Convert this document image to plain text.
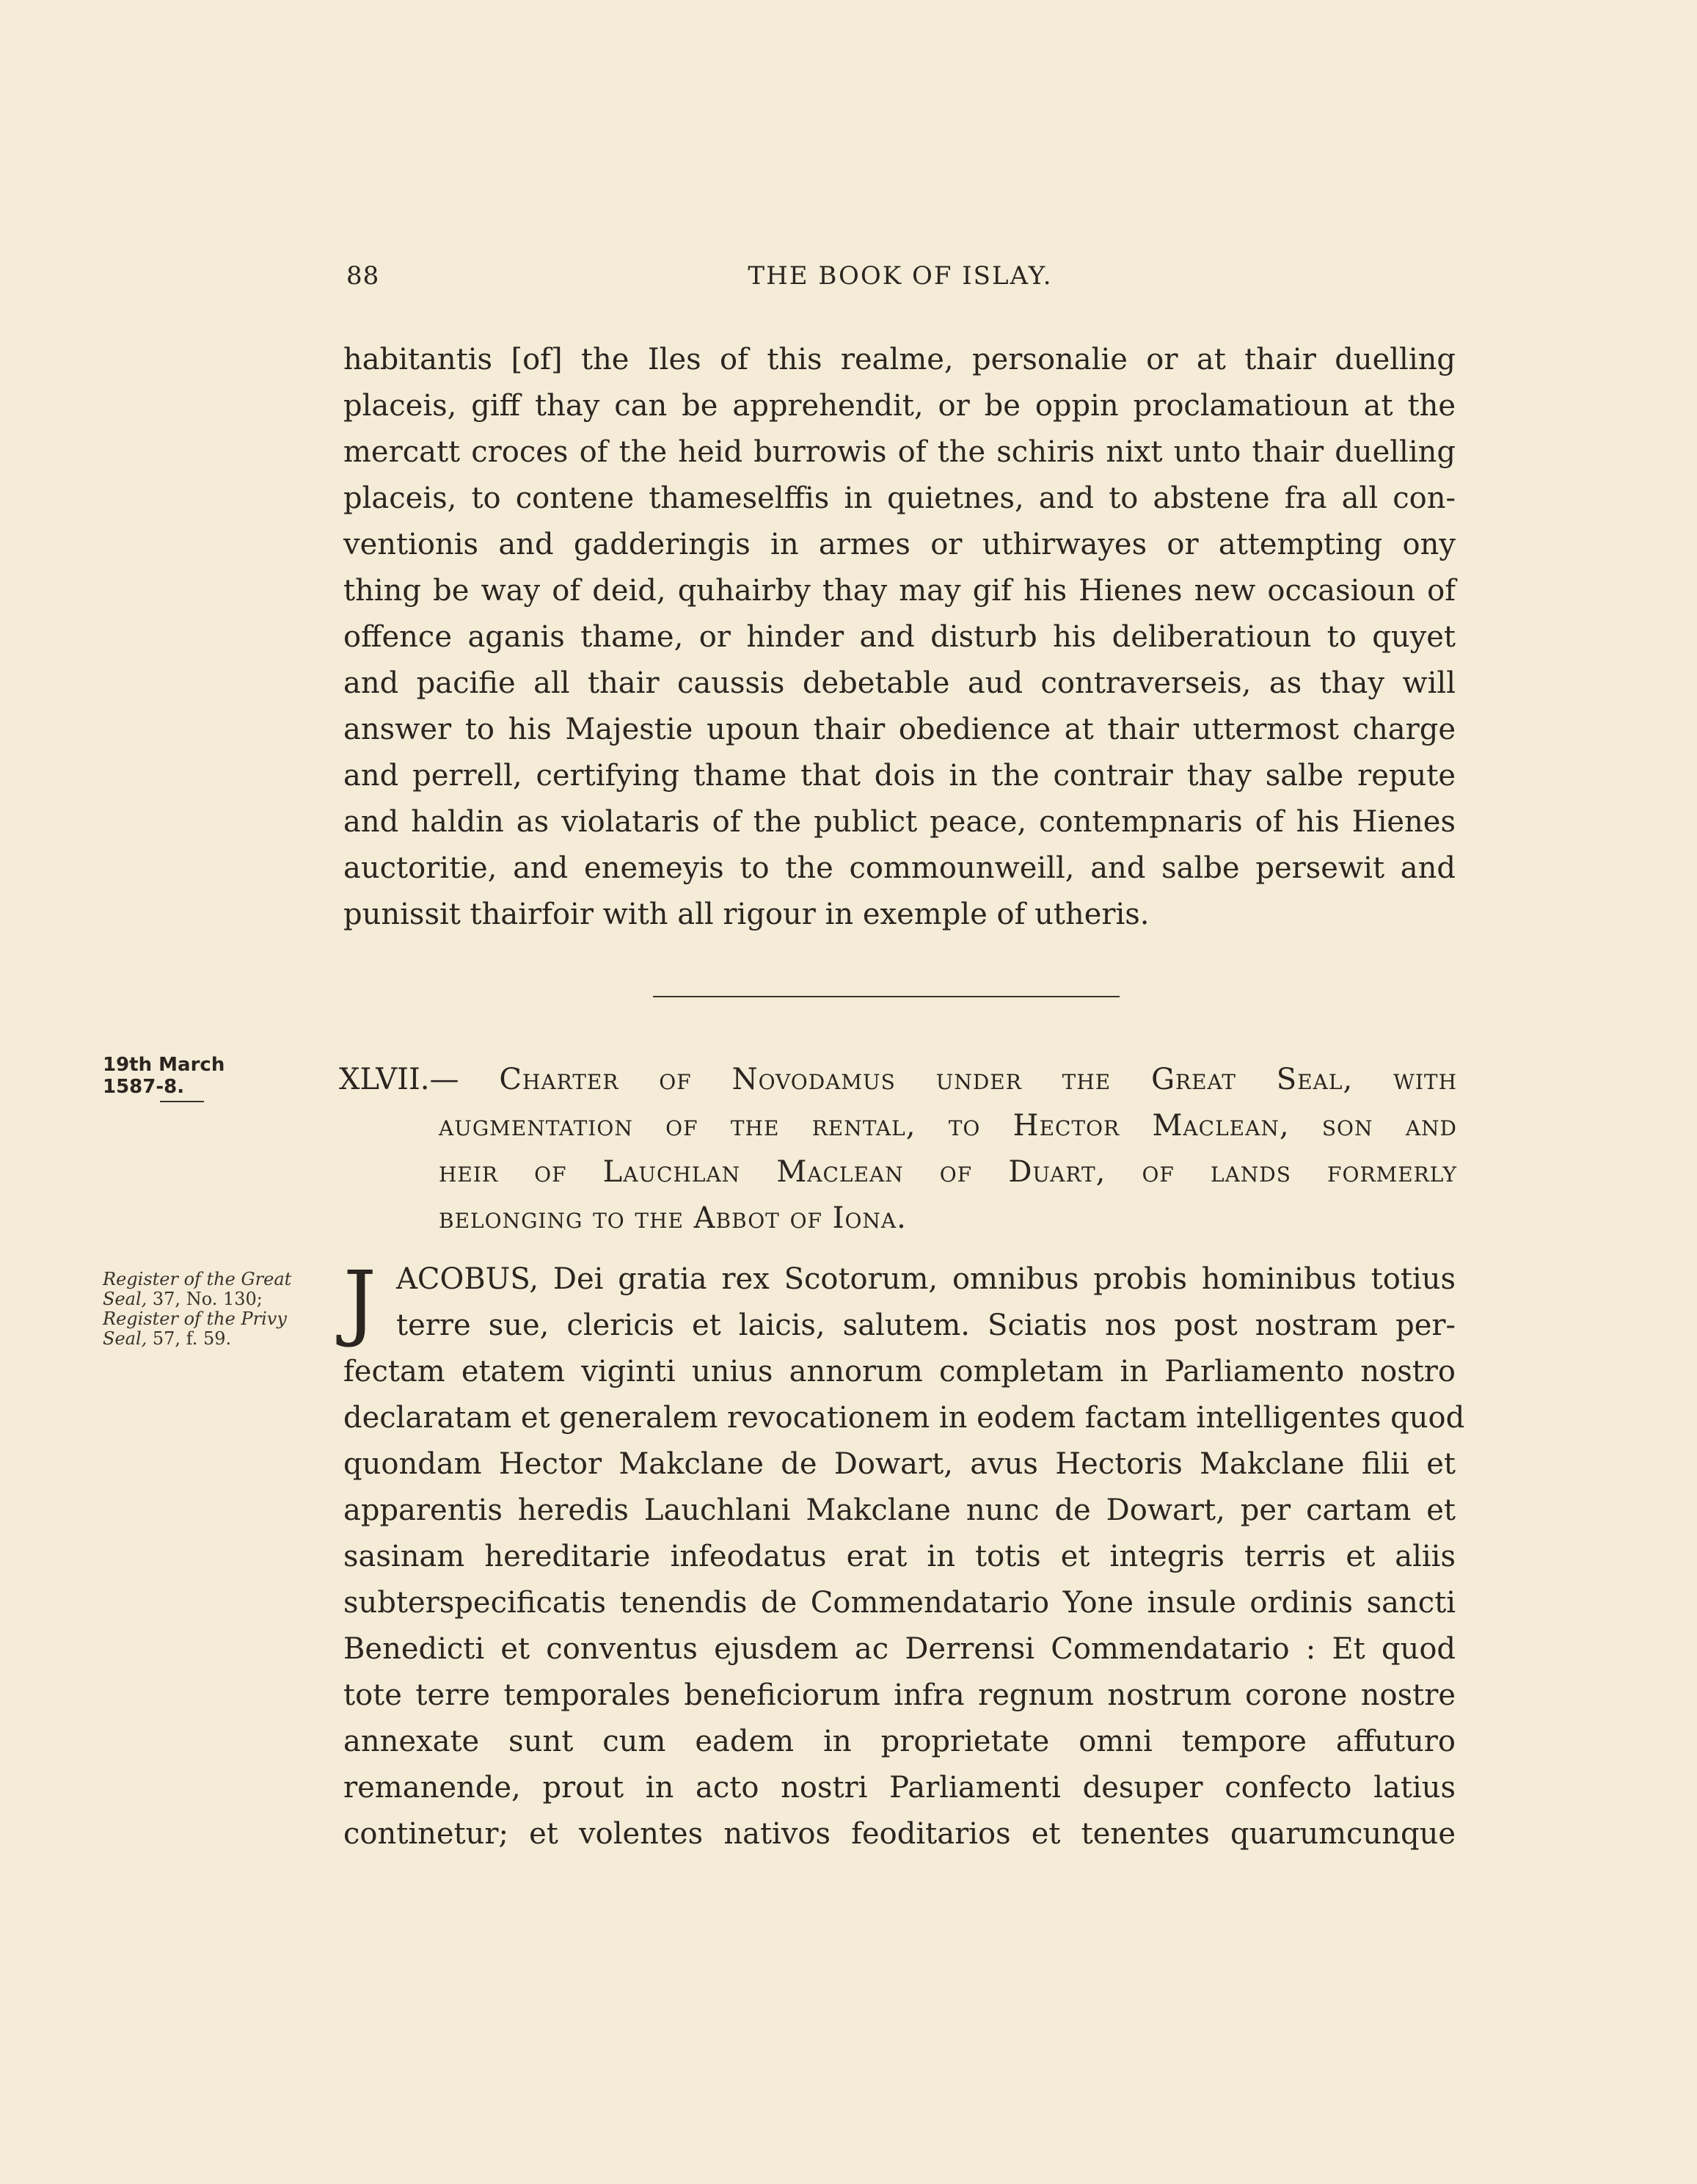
88	THE BOOK OF ISLAY.
habitantis [of] the Iles of this realme, personalie or at thair duelling
placeis, giff thay can be apprehendit, or be oppin proclamatioun at the
mercatt croces of the heid burrowis of the schiris nixt unto thair duelling
placeis, to contene thameselffis in quietnes, and to abstene fra all con-
ventionis and gadderingis in armes or uthirwayes or attempting ony
thing be way of deid, quhairby thay may gif his Hienes new occasioun of
offence aganis thame, or hinder and disturb his deliberatioun to quyet
and pacifie all thair caussis debetable aud contraverseis, as thay will
answer to his Majestie upoun thair obedience at thair uttermost charge
and perrell, certifying thame that dois in the contrair thay salbe repute
and haldin as violataris of the publict peace, contempnaris of his Hienes
auctoritie, and enemeyis to the commounweill, and salbe persewit and
punissit thairfoir with all rigour in exemple of utheris.
19th March
1587-8.
Register of the Great
Seal, 37, No. 130;
Register of the Privy
Seal, 57, f. 59.
XLVII.— Charter of Novodamus under the Great Seal, with
augmentation of the rental, to Hector Maclean, son and
heir of Lauchlan Maclean of Duart, of lands formerly
belonging to the Abbot of Iona.
J ACOBUS, Dei gratia rex Scotorum, omnibus probis hominibus totius
terre sue, clericis et laicis, salutem. Sciatis nos post nostram per-
fectam etatem viginti unius annorum completam in Parliamento nostro
declaratam et generalem revocationem in eodem factam intelligentes quod
quondam Hector Makclane de Dowart, avus Hectoris Makclane filii et
apparentis heredis Lauchlani Makclane nunc de Dowart, per cartam et
sasinam hereditarie infeodatus erat in totis et integris terris et aliis
subterspecificatis tenendis de Commendatario Yone insule ordinis sancti
Benedicti et conventus ejusdem ac Derrensi Commendatario : Et quod
tote terre temporales beneficiorum infra regnum nostrum corone nostre
annexate sunt cum eadem in proprietate omni tempore affuturo
remanende, prout in acto nostri Parliamenti desuper confecto latius
continetur; et volentes nativos feoditarios et tenentes quarumcunque
